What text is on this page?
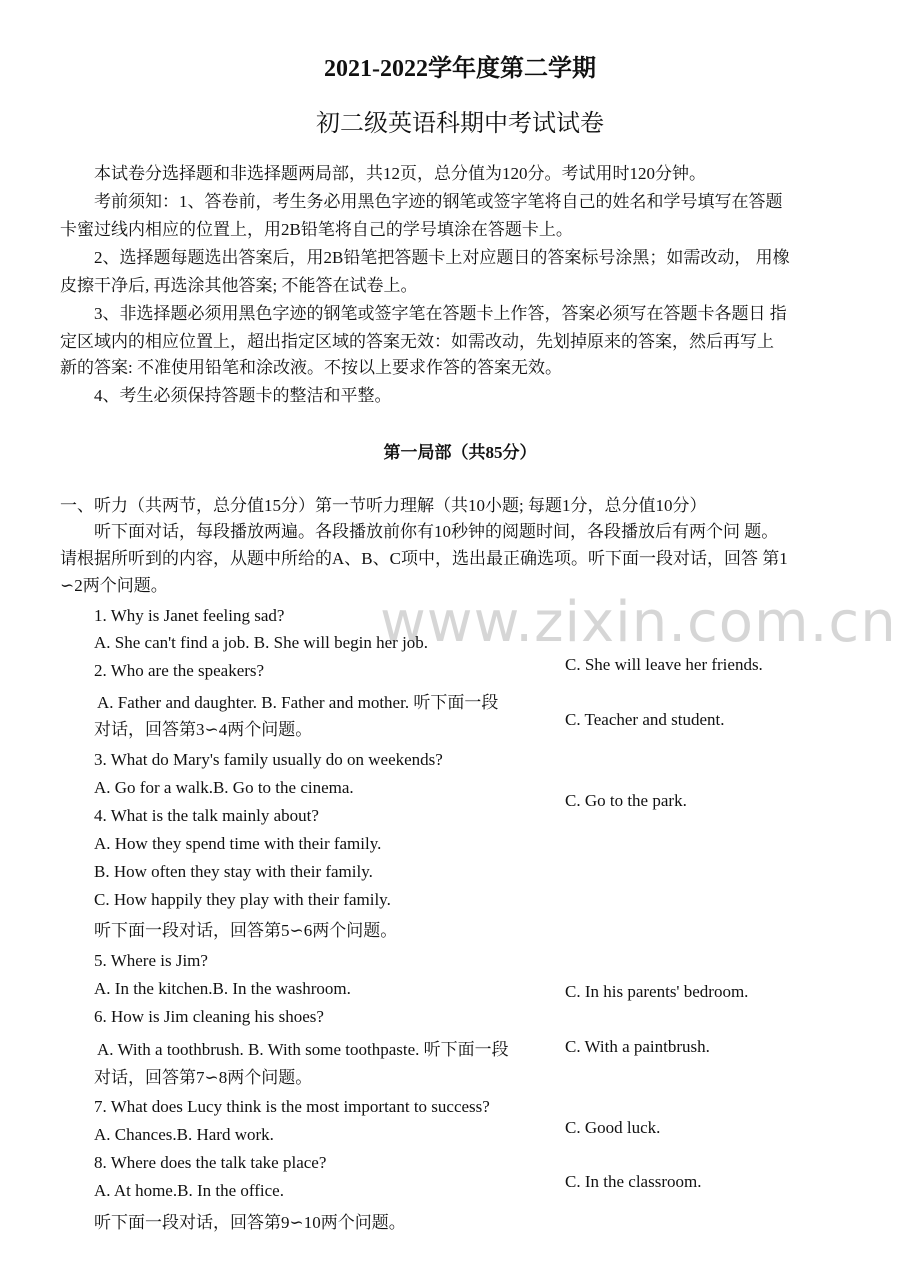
www.zixin.com.cn
2021-2022学年度第二学期
初二级英语科期中考试试卷
本试卷分选择题和非选择题两局部，共12页，总分值为120分。考试用时120分钟。
考前须知：1、答卷前，考生务必用黑色字迹的钢笔或签字笔将自己的姓名和学号填写在答题
卡蜜过线内相应的位置上，用2B铅笔将自己的学号填涂在答题卡上。
2、选择题每题选出答案后，用2B铅笔把答题卡上对应题日的答案标号涂黑；如需改动， 用橡
皮擦干净后, 再选涂其他答案; 不能答在试卷上。
3、非选择题必须用黑色字迹的钢笔或签字笔在答题卡上作答，答案必须写在答题卡各题日 指
定区域内的相应位置上，超出指定区域的答案无效：如需改动，先划掉原来的答案，然后再写上
新的答案: 不准使用铅笔和涂改液。不按以上要求作答的答案无效。
4、考生必须保持答题卡的整洁和平整。
第一局部（共85分）
一、听力（共两节，总分值15分）第一节听力理解（共10小题; 每题1分，总分值10分）
听下面对话，每段播放两遍。各段播放前你有10秒钟的阅题时间，各段播放后有两个问 题。
请根据所听到的内容，从题中所给的A、B、C项中，选出最正确选项。听下面一段对话，回答 第1
∽2两个问题。
1. Why is Janet feeling sad?
A. She can't find a job. B. She will begin her job.
C. She will leave her friends.
2. Who are the speakers?
A. Father and daughter. B. Father and mother. 听下面一段
C. Teacher and student.
对话，回答第3∽4两个问题。
3. What do Mary's family usually do on weekends?
A. Go for a walk.B. Go to the cinema.
C. Go to the park.
4. What is the talk mainly about?
A. How they spend time with their family.
B. How often they stay with their family.
C. How happily they play with their family.
听下面一段对话，回答第5∽6两个问题。
5. Where is Jim?
A. In the kitchen.B. In the washroom.	C. In his parents' bedroom.
6. How is Jim cleaning his shoes?
C. With a paintbrush.
A. With a toothbrush. B. With some toothpaste. 听下面一段
对话，回答第7∽8两个问题。
7. What does Lucy think is the most important to success?
C. Good luck.
A. Chances.B. Hard work.
8. Where does the talk take place?
C. In the classroom.
A. At home.B. In the office.
听下面一段对话，回答第9∽10两个问题。
